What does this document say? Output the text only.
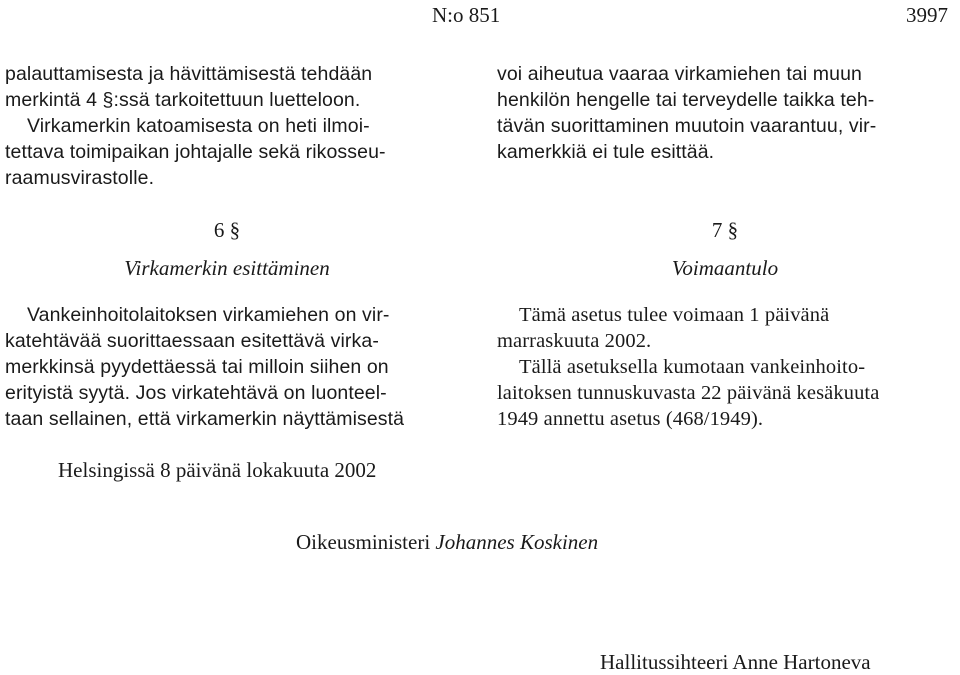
N:o 851	3997

palauttamisesta ja hävittämisestä tehdään
merkintä 4 §:ssä tarkoitettuun luetteloon.
Virkamerkin katoamisesta on heti ilmoi-
tettava toimipaikan johtajalle sekä rikosseu-
raamusvirastolle.

6 §

Virkamerkin esittäminen

Vankeinhoitolaitoksen virkamiehen on vir-
katehtävää suorittaessaan esitettävä virka-
merkkinsä pyydettäessä tai milloin siihen on
erityistä syytä. Jos virkatehtävä on luonteel-
taan sellainen, että virkamerkin näyttämisestä

voi aiheutua vaaraa virkamiehen tai muun
henkilön hengelle tai terveydelle taikka teh-
tävän suorittaminen muutoin vaarantuu, vir-
kamerkkiä ei tule esittää.

7 §

Voimaantulo

Tämä asetus tulee voimaan 1 päivänä
marraskuuta 2002.

Tällä asetuksella kumotaan vankeinhoito-
laitoksen tunnuskuvasta 22 päivänä kesäkuuta
1949 annettu asetus (468/1949).

Helsingissä 8 päivänä lokakuuta 2002
Oikeusministeri Johannes Koskinen
Hallitussihteeri Anne Hartoneva
